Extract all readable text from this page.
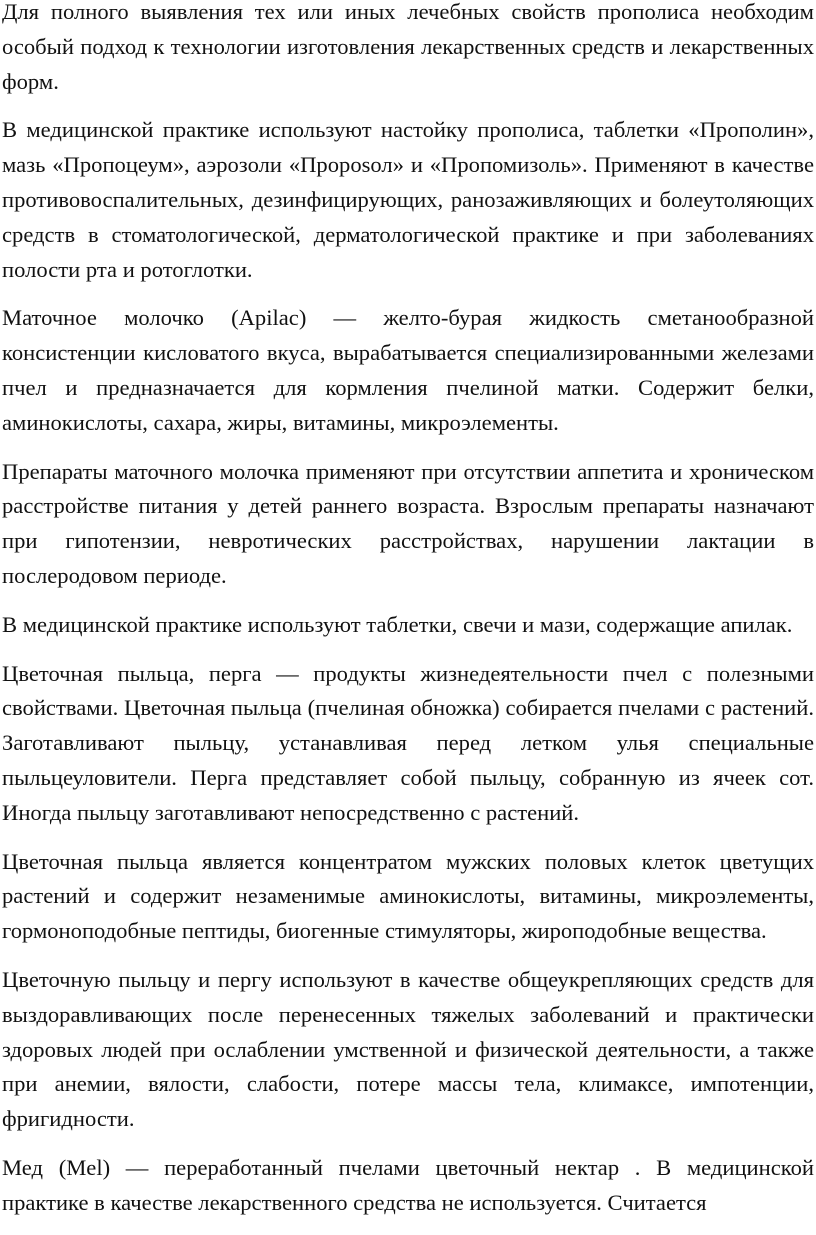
Для полного выявления тех или иных лечебных свойств прополиса необходим особый подход к технологии изготовления лекарственных средств и лекарственных форм.

В медицинской практике используют настойку прополиса, таблетки «Прополин», мазь «Пропоцеум», аэрозоли «Проposол» и «Пропомизоль». Применяют в качестве противовоспалительных, дезинфицирующих, ранозаживляющих и болеутоляющих средств в стоматологической, дерматологической практике и при заболеваниях полости рта и ротоглотки.

Маточное молочко (Apilac) — желто-бурая жидкость сметанообразной консистенции кисловатого вкуса, вырабатывается специализированными железами пчел и предназначается для кормления пчелиной матки. Содержит белки, аминокислоты, сахара, жиры, витамины, микроэлементы.

Препараты маточного молочка применяют при отсутствии аппетита и хроническом расстройстве питания у детей раннего возраста. Взрослым препараты назначают при гипотензии, невротических расстройствах, нарушении лактации в послеродовом периоде.

В медицинской практике используют таблетки, свечи и мази, содержащие апилак.

Цветочная пыльца, перга — продукты жизнедеятельности пчел с полезными свойствами. Цветочная пыльца (пчелиная обножка) собирается пчелами с растений. Заготавливают пыльцу, устанавливая перед летком улья специальные пыльцеуловители. Перга представляет собой пыльцу, собранную из ячеек сот. Иногда пыльцу заготавливают непосредственно с растений.

Цветочная пыльца является концентратом мужских половых клеток цветущих растений и содержит незаменимые аминокислоты, витамины, микроэлементы, гормоноподобные пептиды, биогенные стимуляторы, жироподобные вещества.

Цветочную пыльцу и пергу используют в качестве общеукрепляющих средств для выздоравливающих после перенесенных тяжелых заболеваний и практически здоровых людей при ослаблении умственной и физической деятельности, а также при анемии, вялости, слабости, потере массы тела, климаксе, импотенции, фригидности.

Мед (Mel) — переработанный пчелами цветочный нектар . В медицинской практике в качестве лекарственного средства не используется. Считается
